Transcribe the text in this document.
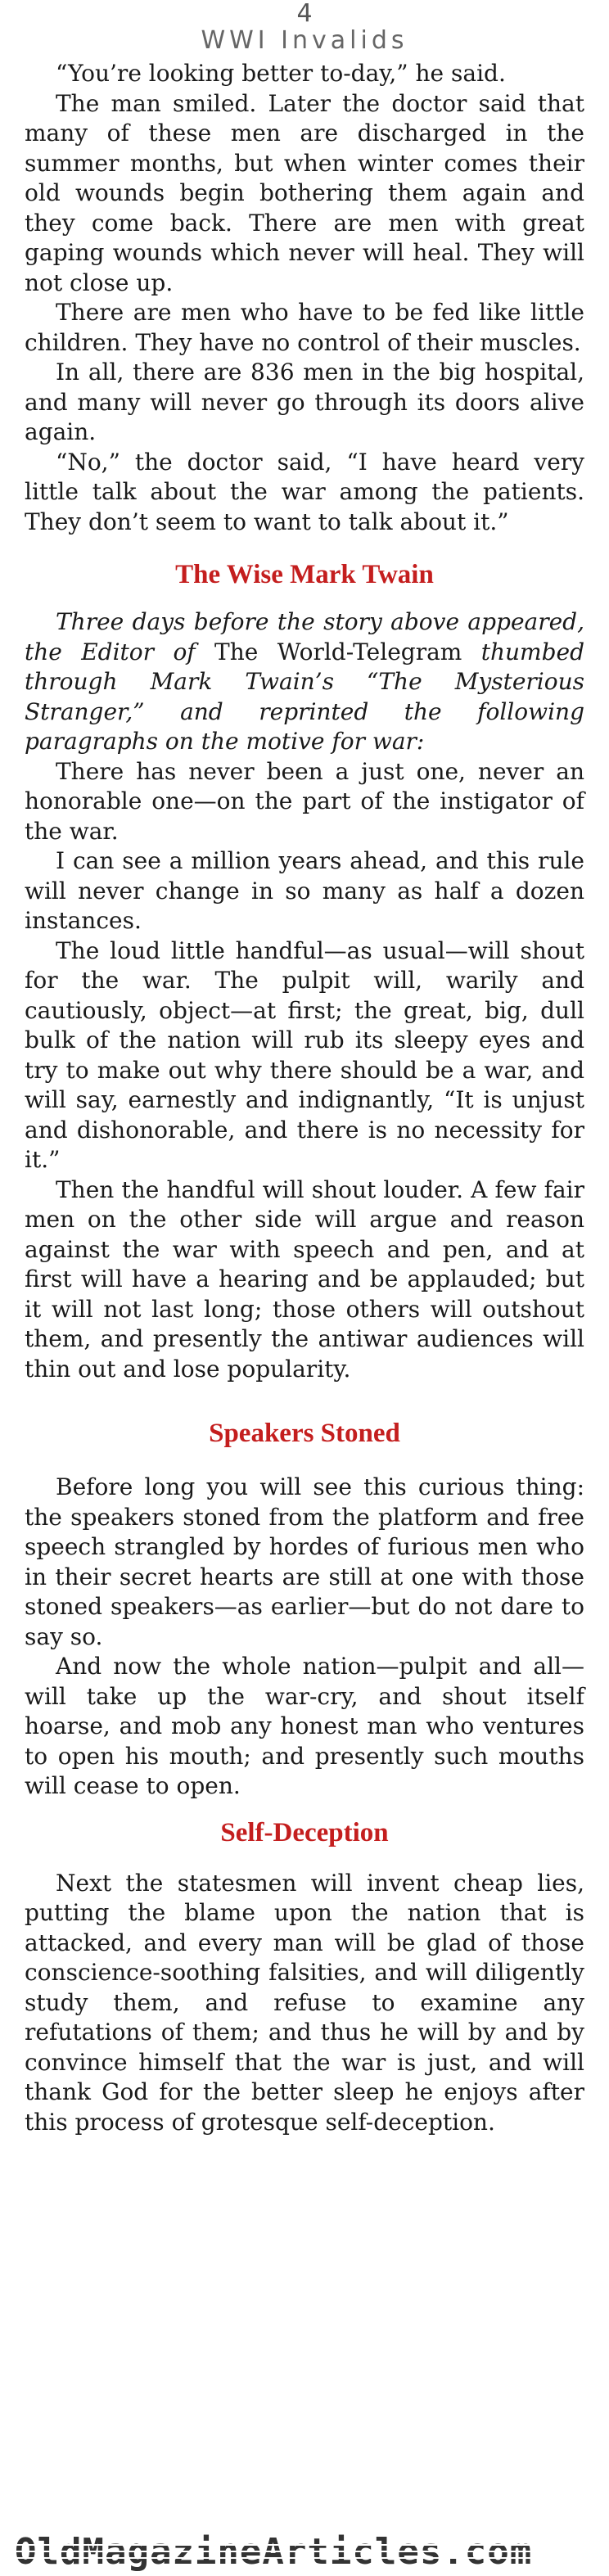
4
WWI Invalids

“You’re looking better to-day,” he said.

The man smiled. Later the doctor said that many of these men are discharged in the summer months, but when winter comes their old wounds begin bothering them again and they come back. There are men with great gaping wounds which never will heal. They will not close up.

There are men who have to be fed like little children. They have no control of their muscles.

In all, there are 836 men in the big hospital, and many will never go through its doors alive again.

“No,” the doctor said, “I have heard very little talk about the war among the patients. They don’t seem to want to talk about it.”

The Wise Mark Twain

Three days before the story above appeared, the Editor of The World-Telegram thumbed through Mark Twain’s “The Mysterious Stranger,” and reprinted the following paragraphs on the motive for war:

There has never been a just one, never an honorable one—on the part of the instigator of the war.

I can see a million years ahead, and this rule will never change in so many as half a dozen instances.

The loud little handful—as usual—will shout for the war. The pulpit will, warily and cautiously, object—at first; the great, big, dull bulk of the nation will rub its sleepy eyes and try to make out why there should be a war, and will say, earnestly and indignantly, “It is unjust and dishonorable, and there is no necessity for it.”

Then the handful will shout louder. A few fair men on the other side will argue and reason against the war with speech and pen, and at first will have a hearing and be applauded; but it will not last long; those others will outshout them, and presently the antiwar audiences will thin out and lose popularity.

Speakers Stoned

Before long you will see this curious thing: the speakers stoned from the platform and free speech strangled by hordes of furious men who in their secret hearts are still at one with those stoned speakers—as earlier—but do not dare to say so.

And now the whole nation—pulpit and all—will take up the war-cry, and shout itself hoarse, and mob any honest man who ventures to open his mouth; and presently such mouths will cease to open.

Self-Deception

Next the statesmen will invent cheap lies, putting the blame upon the nation that is attacked, and every man will be glad of those conscience-soothing falsities, and will diligently study them, and refuse to examine any refutations of them; and thus he will by and by convince himself that the war is just, and will thank God for the better sleep he enjoys after this process of grotesque self-deception.
